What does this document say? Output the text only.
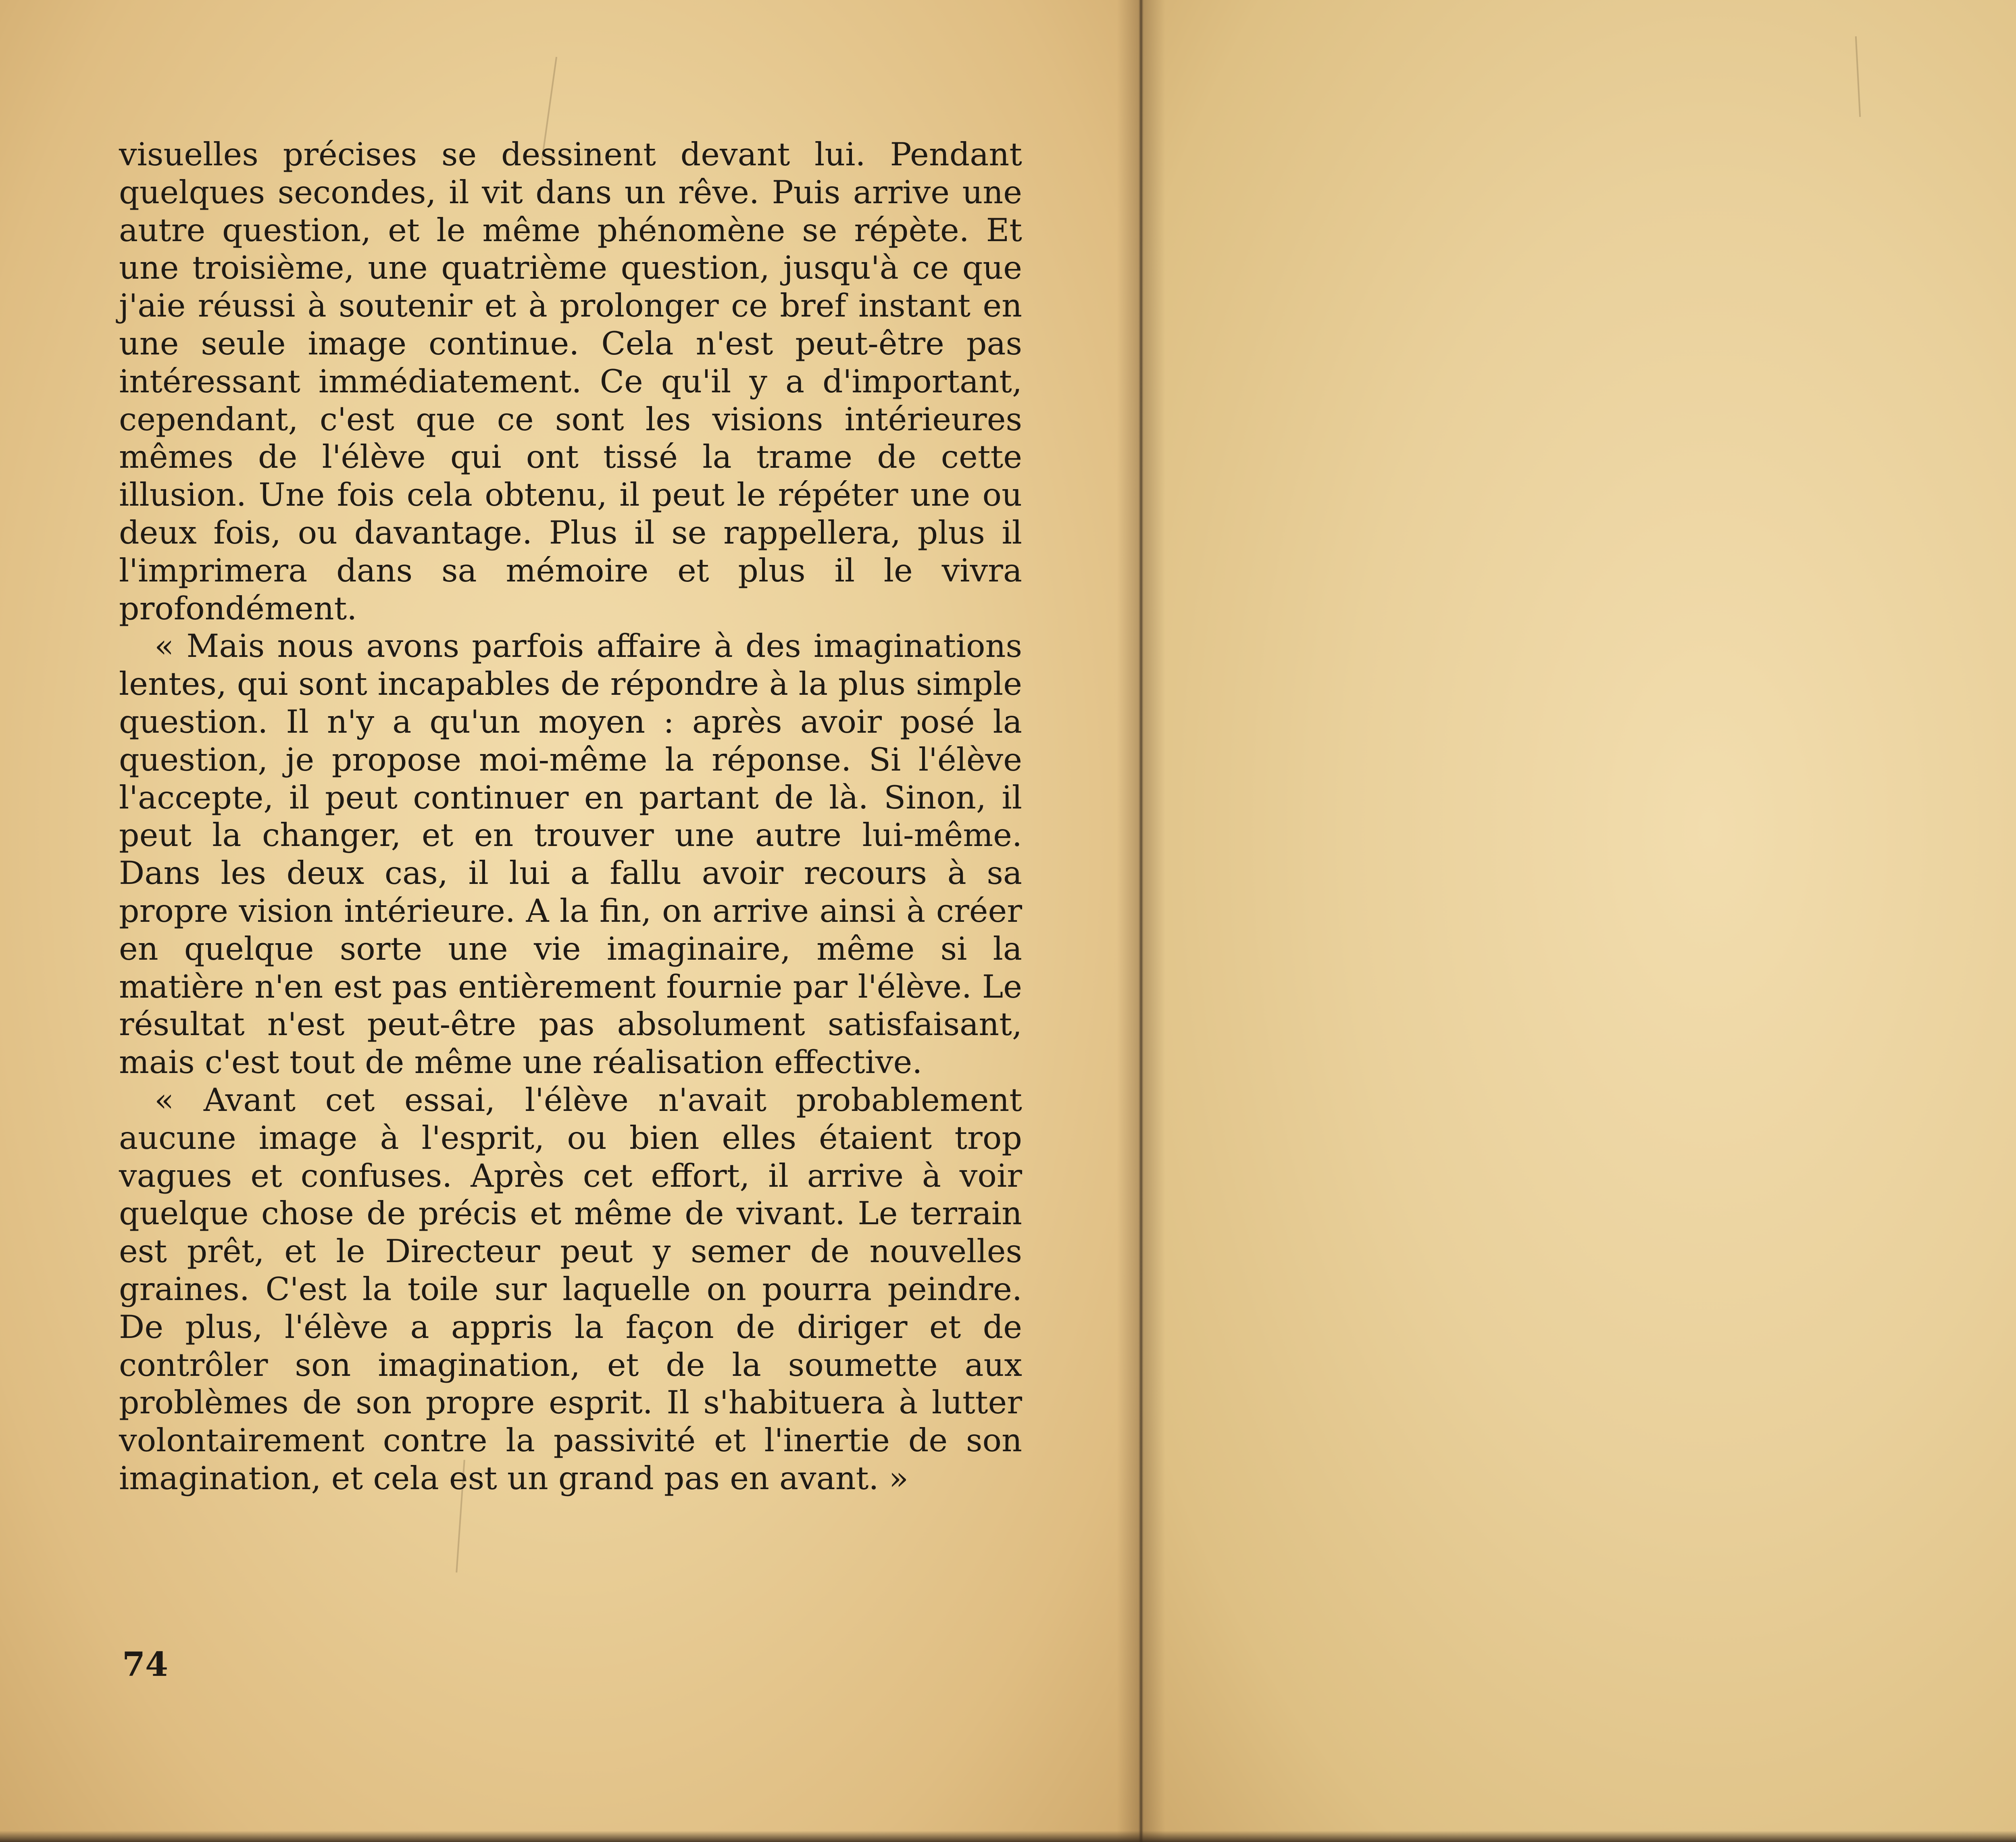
visuelles précises se dessinent devant lui. Pendant quelques secondes, il vit dans un rêve. Puis arrive une autre question, et le même phénomène se répète. Et une troisième, une quatrième question, jusqu'à ce que j'aie réussi à soutenir et à prolonger ce bref instant en une seule image continue. Cela n'est peut-être pas intéressant immédiatement. Ce qu'il y a d'important, cependant, c'est que ce sont les visions intérieures mêmes de l'élève qui ont tissé la trame de cette illusion. Une fois cela obtenu, il peut le répéter une ou deux fois, ou davantage. Plus il se rappellera, plus il l'imprimera dans sa mémoire et plus il le vivra profondément.

« Mais nous avons parfois affaire à des imaginations lentes, qui sont incapables de répondre à la plus simple question. Il n'y a qu'un moyen : après avoir posé la question, je propose moi-même la réponse. Si l'élève l'accepte, il peut continuer en partant de là. Sinon, il peut la changer, et en trouver une autre lui-même. Dans les deux cas, il lui a fallu avoir recours à sa propre vision intérieure. A la fin, on arrive ainsi à créer en quelque sorte une vie imaginaire, même si la matière n'en est pas entièrement fournie par l'élève. Le résultat n'est peut-être pas absolument satisfaisant, mais c'est tout de même une réalisation effective.

« Avant cet essai, l'élève n'avait probablement aucune image à l'esprit, ou bien elles étaient trop vagues et confuses. Après cet effort, il arrive à voir quelque chose de précis et même de vivant. Le terrain est prêt, et le Directeur peut y semer de nouvelles graines. C'est la toile sur laquelle on pourra peindre. De plus, l'élève a appris la façon de diriger et de contrôler son imagination, et de la soumette aux problèmes de son propre esprit. Il s'habituera à lutter volontairement contre la passivité et l'inertie de son imagination, et cela est un grand pas en avant. »

74
